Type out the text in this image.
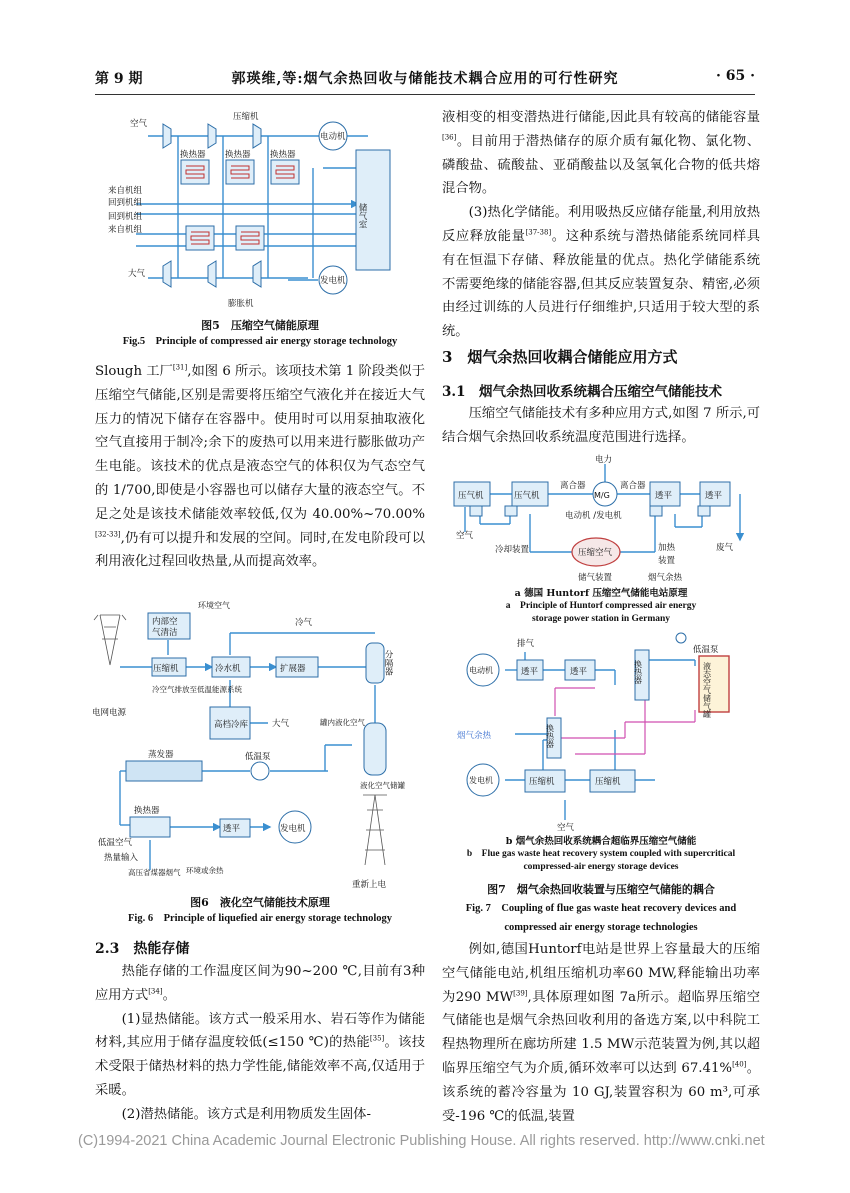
第 9 期	郭瑛维,等:烟气余热回收与储能技术耦合应用的可行性研究	· 65 ·
空气
压缩机
电动机
换热器 换热器 换热器
来自机组
回到机组
回到机组
来自机组
储气室
大气
膨胀机
发电机
图5　压缩空气储能原理
Fig.5　Principle of compressed air energy storage technology

Slough 工厂[31],如图 6 所示。该项技术第 1 阶段类似于压缩空气储能,区别是需要将压缩空气液化并在接近大气压力的情况下储存在容器中。使用时可以用泵抽取液化空气直接用于制冷;余下的废热可以用来进行膨胀做功产生电能。该技术的优点是液态空气的体积仅为气态空气的 1/700,即使是小容器也可以储存大量的液态空气。不足之处是该技术储能效率较低,仅为 40.00%~70.00%[32-33],仍有可以提升和发展的空间。同时,在发电阶段可以利用液化过程回收热量,从而提高效率。

内部空
气清洁
环境空气
冷气
分隔器
电网电源
压缩机	冷水机	扩展器
冷空气排放至低温能源系统
高档冷库	大气	罐内液化空气
液化空气储罐
蒸发器	低温泵
换热器
低温空气
热量输入
高压省煤器烟气 环境或余热
透平	发电机
重新上电
图6　液化空气储能技术原理
Fig. 6　Principle of liquefied air energy storage technology
2.3　热能存储

热能存储的工作温度区间为90~200 ℃,目前有3种应用方式[34]。

(1)显热储能。该方式一般采用水、岩石等作为储能材料,其应用于储存温度较低(≤150 ℃)的热能[35]。该技术受限于储热材料的热力学性能,储能效率不高,仅适用于采暖。

(2)潜热储能。该方式是利用物质发生固体-

液相变的相变潜热进行储能,因此具有较高的储能容量[36]。目前用于潜热储存的原介质有氟化物、氯化物、磷酸盐、硫酸盐、亚硝酸盐以及氢氧化合物的低共熔混合物。

(3)热化学储能。利用吸热反应储存能量,利用放热反应释放能量[37-38]。这种系统与潜热储能系统同样具有在恒温下存储、释放能量的优点。热化学储能系统不需要绝缘的储能容器,但其反应装置复杂、精密,必须由经过训练的人员进行仔细维护,只适用于较大型的系统。

3　烟气余热回收耦合储能应用方式
3.1　烟气余热回收系统耦合压缩空气储能技术

压缩空气储能技术有多种应用方式,如图 7 所示,可结合烟气余热回收系统温度范围进行选择。

电力
压气机	压气机
离合器
M/G
离合器
透平	透平
空气
电动机 /发电机
冷却装置	压缩空气	加热
装置
废气
储气装置	烟气余热
a 德国 Huntorf 压缩空气储能电站原理
a　Principle of Huntorf compressed air energy
storage power station in Germany
排气
电动机	透平	透平	换热器
低温泵
液态空气储气罐
烟气余热	换热器
发电机	压缩机	压缩机
空气
b 烟气余热回收系统耦合超临界压缩空气储能
b　Flue gas waste heat recovery system coupled with supercritical
compressed-air energy storage devices
图7　烟气余热回收装置与压缩空气储能的耦合
Fig. 7　Coupling of flue gas waste heat recovery devices and
compressed air energy storage technologies

例如,德国Huntorf电站是世界上容量最大的压缩空气储能电站,机组压缩机功率60 MW,释能输出功率为290 MW[39],具体原理如图 7a所示。超临界压缩空气储能也是烟气余热回收利用的备选方案,以中科院工程热物理所在廊坊所建 1.5 MW示范装置为例,其以超临界压缩空气为介质,循环效率可以达到 67.41%[40]。该系统的蓄冷容量为 10 GJ,装置容积为 60 m³,可承受-196 ℃的低温,装置

(C)1994-2021 China Academic Journal Electronic Publishing House. All rights reserved. http://www.cnki.net
